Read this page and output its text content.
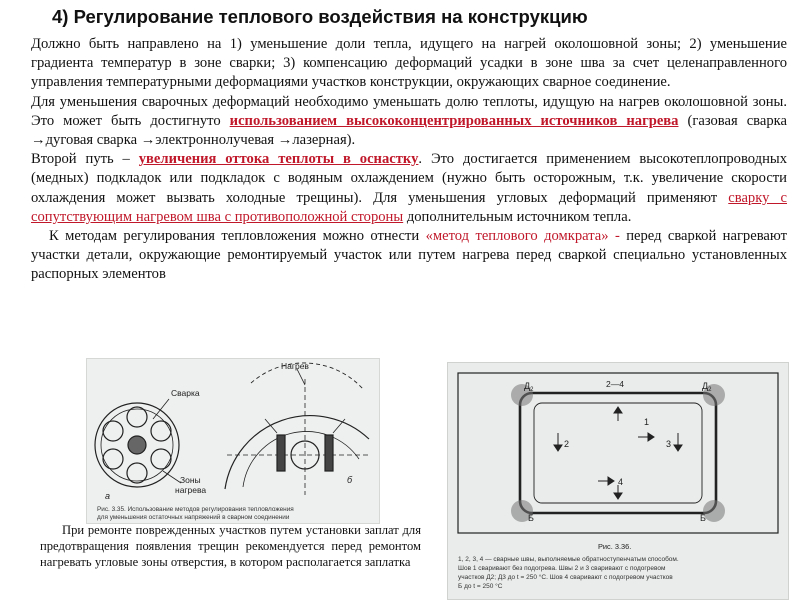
4) Регулирование теплового воздействия на конструкцию

Должно быть направлено на 1) уменьшение доли тепла, идущего на нагрей околошовной зоны; 2) уменьшение градиента температур в зоне сварки; 3) компенсацию деформаций усадки в зоне шва за счет целенаправленного управления температурными деформациями участков конструкции, окружающих сварное соединение.

Для уменьшения сварочных деформаций необходимо уменьшать долю теплоты, идущую на нагрев околошовной зоны. Это может быть достигнуто использованием высококонцентрированных источников нагрева (газовая сварка →дуговая сварка →электроннолучевая →лазерная).

Второй путь – увеличения оттока теплоты в оснастку. Это достигается применением высокотеплопроводных (медных) подкладок или подкладок с водяным охлаждением (нужно быть осторожным, т.к. увеличение скорости охлаждения может вызвать холодные трещины). Для уменьшения угловых деформаций применяют сварку с сопутствующим нагревом шва с противоположной стороны дополнительным источником тепла.

К методам регулирования тепловложения можно отнести «метод теплового домкрата» - перед сваркой нагревают участки детали, окружающие ремонтируемый участок или путем нагрева перед сваркой специально установленных распорных элементов

Сварка
Зоны
нагрева
а
Нагрев
б
Рис. 3.35. Использование методов регулирования тепловложения
для уменьшения остаточных напряжений в сварном соединении
$Д_2$	$Д_2$
2—4
1
2	3
4
Б	Б
Рис. 3.36.
1, 2, 3, 4 — сварные швы, выполняемые обратноступенчатым способом.
Шов 1 сваривают без подогрева. Швы 2 и 3 сваривают с подогревом
участков Д2; Д3 до t = 250 °С. Шов 4 сваривают с подогревом участков
Б до t = 250 °С

При ремонте поврежденных участков путем установки заплат для предотвращения появления трещин рекомендуется перед ремонтом нагревать угловые зоны отверстия, в котором располагается заплатка
